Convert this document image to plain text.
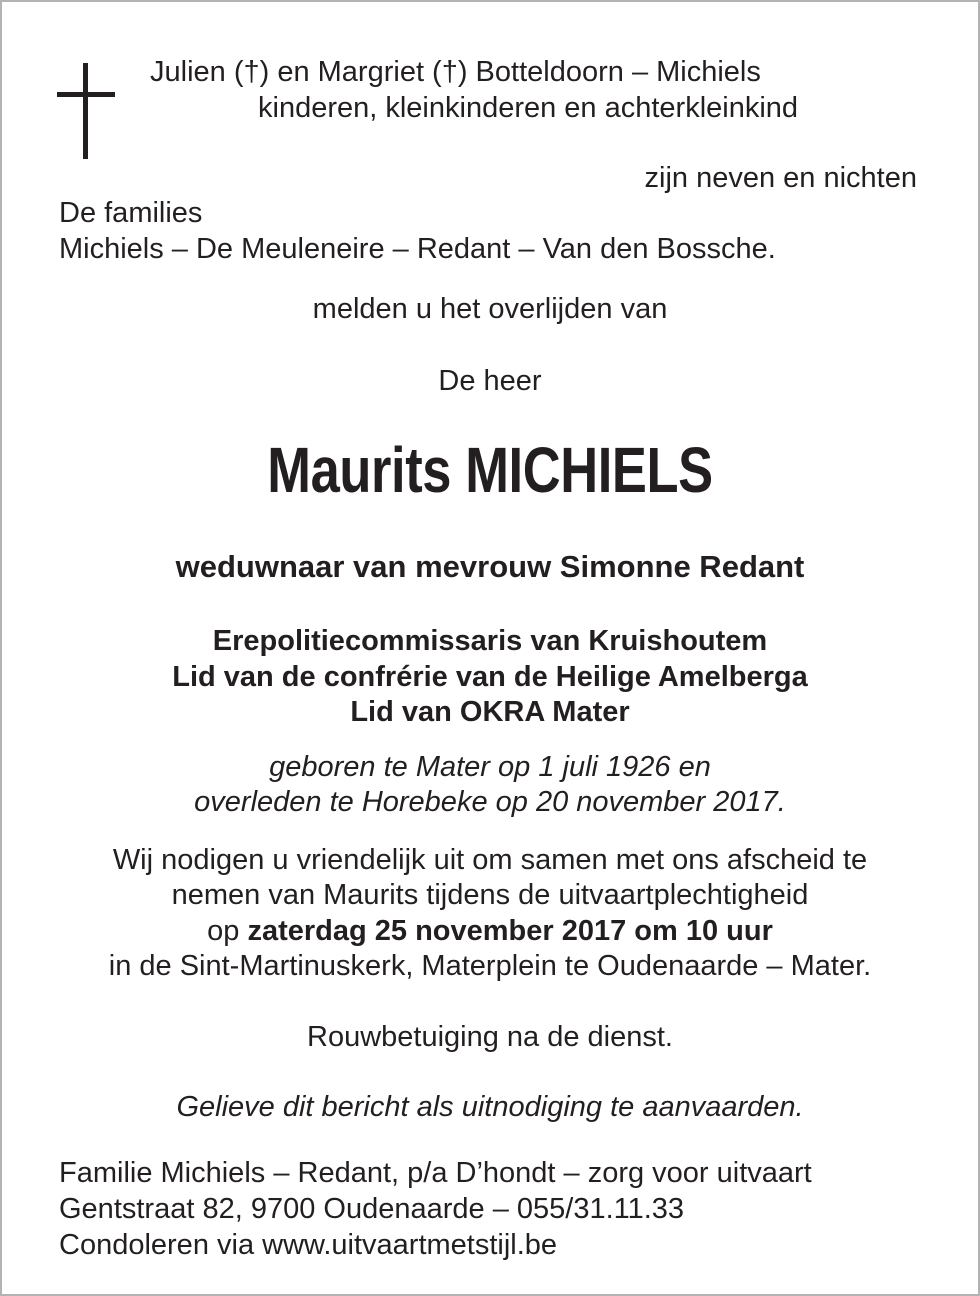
Julien (†) en Margriet (†) Botteldoorn – Michiels
kinderen, kleinkinderen en achterkleinkind
zijn neven en nichten
De families
Michiels – De Meuleneire – Redant – Van den Bossche.
melden u het overlijden van
De heer
Maurits MICHIELS
weduwnaar van mevrouw Simonne Redant
Erepolitiecommissaris van Kruishoutem
Lid van de confrérie van de Heilige Amelberga
Lid van OKRA Mater
geboren te Mater op 1 juli 1926 en
overleden te Horebeke op 20 november 2017.
Wij nodigen u vriendelijk uit om samen met ons afscheid te
nemen van Maurits tijdens de uitvaartplechtigheid
op zaterdag 25 november 2017 om 10 uur
in de Sint-Martinuskerk, Materplein te Oudenaarde – Mater.
Rouwbetuiging na de dienst.
Gelieve dit bericht als uitnodiging te aanvaarden.
Familie Michiels – Redant, p/a D’hondt – zorg voor uitvaart
Gentstraat 82, 9700 Oudenaarde – 055/31.11.33
Condoleren via www.uitvaartmetstijl.be
